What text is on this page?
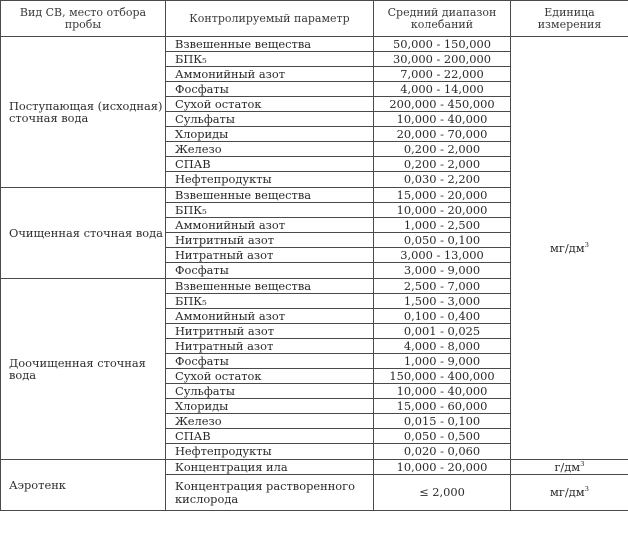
Вид СВ, место отбора пробы	Контролируемый параметр	Средний диапазон колебаний	Единица измерения
Поступающая (исходная) сточная вода	Взвешенные вещества	50,000 - 150,000	$мг/дм^3$
	БПК₅	30,000 - 200,000	
	Аммонийный азот	7,000 - 22,000	
	Фосфаты	4,000 - 14,000	
	Сухой остаток	200,000 - 450,000	
	Сульфаты	10,000 - 40,000	
	Хлориды	20,000 - 70,000	
	Железо	0,200 - 2,000	
	СПАВ	0,200 - 2,000	
	Нефтепродукты	0,030 - 2,200	
Очищенная сточная вода	Взвешенные вещества	15,000 - 20,000	
	БПК₅	10,000 - 20,000	
	Аммонийный азот	1,000 - 2,500	
	Нитритный азот	0,050 - 0,100	
	Нитратный азот	3,000 - 13,000	
	Фосфаты	3,000 - 9,000	
Доочищенная сточная вода	Взвешенные вещества	2,500 - 7,000	
	БПК₅	1,500 - 3,000	
	Аммонийный азот	0,100 - 0,400	
	Нитритный азот	0,001 - 0,025	
	Нитратный азот	4,000 - 8,000	
	Фосфаты	1,000 - 9,000	
	Сухой остаток	150,000 - 400,000	
	Сульфаты	10,000 - 40,000	
	Хлориды	15,000 - 60,000	
	Железо	0,015 - 0,100	
	СПАВ	0,050 - 0,500	
	Нефтепродукты	0,020 - 0,060	
Аэротенк	Концентрация ила	10,000 - 20,000	$г/дм^3$
	Концентрация растворенного кислорода	≤ 2,000	$мг/дм^3$
